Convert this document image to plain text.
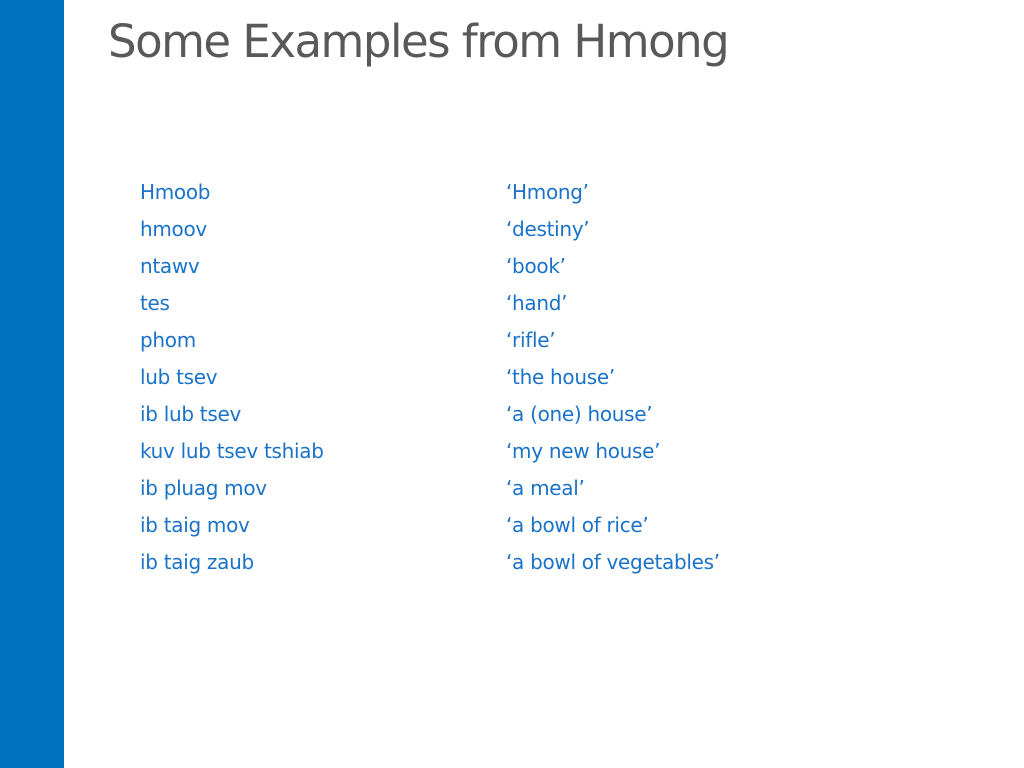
Some Examples from Hmong
Hmoob	‘Hmong’
hmoov	‘destiny’
ntawv	‘book’
tes	‘hand’
phom	‘rifle’
lub tsev	‘the house’
ib lub tsev	‘a (one) house’
kuv lub tsev tshiab	‘my new house’
ib pluag mov	‘a meal’
ib taig mov	‘a bowl of rice’
ib taig zaub	‘a bowl of vegetables’
